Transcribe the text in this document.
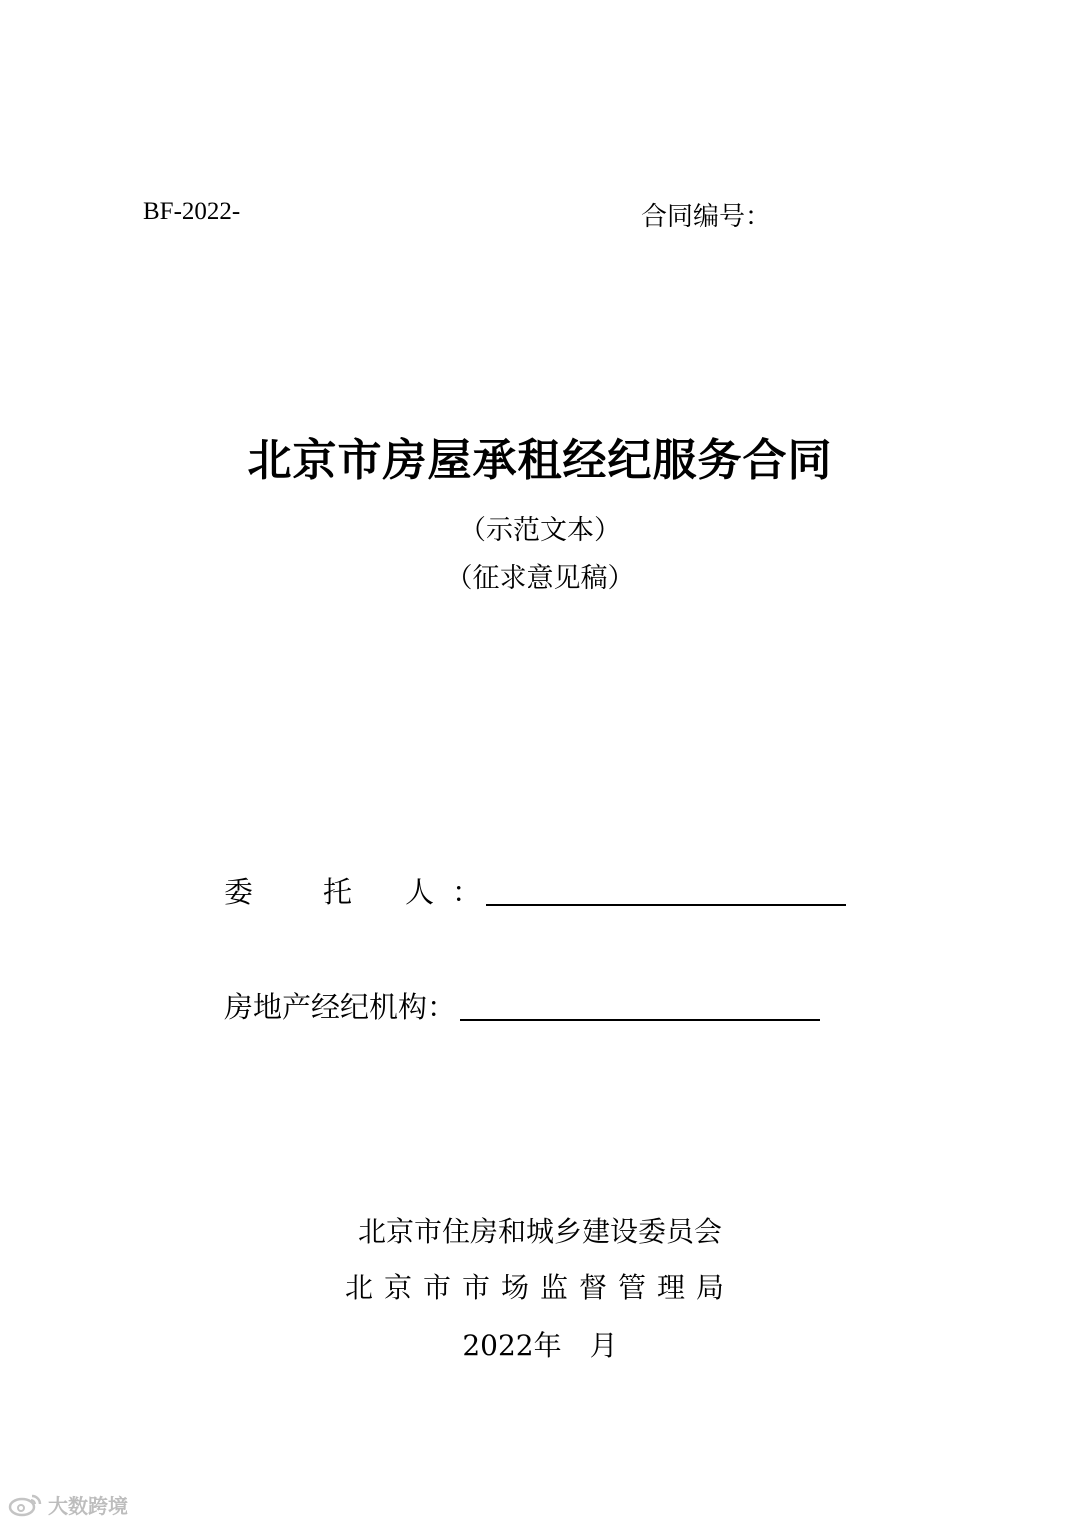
BF-2022-	合同编号：
北京市房屋承租经纪服务合同
（示范文本）
（征求意见稿）
委 托 人 ：
房地产经纪机构：
北京市住房和城乡建设委员会
北京市市场监督管理局
2022年　月
大数跨境
